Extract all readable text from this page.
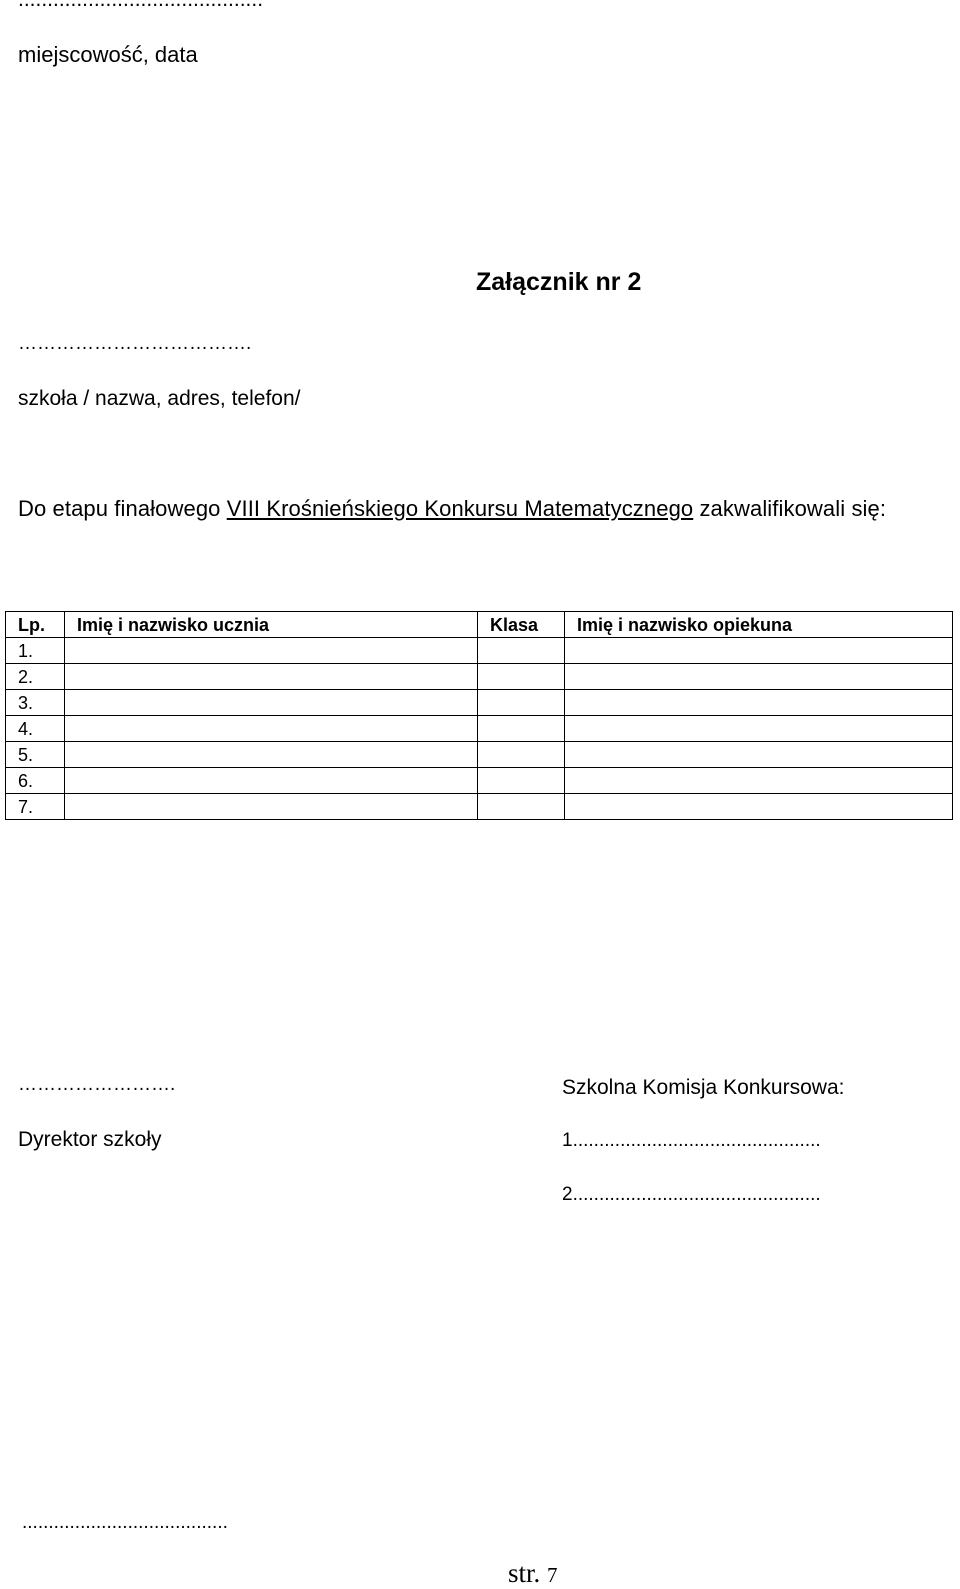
miejscowość, data
Załącznik nr 2
……………………………….
szkoła / nazwa, adres, telefon/
Do etapu finałowego VIII Krośnieńskiego Konkursu Matematycznego zakwalifikowali się:
Lp.	Imię i nazwisko ucznia	Klasa	Imię i nazwisko opiekuna
1.			
2.			
3.			
4.			
5.			
6.			
7.			
…………………….
Dyrektor szkoły
Szkolna Komisja Konkursowa:
1...............................................
2...............................................
.......................................
str. 7
